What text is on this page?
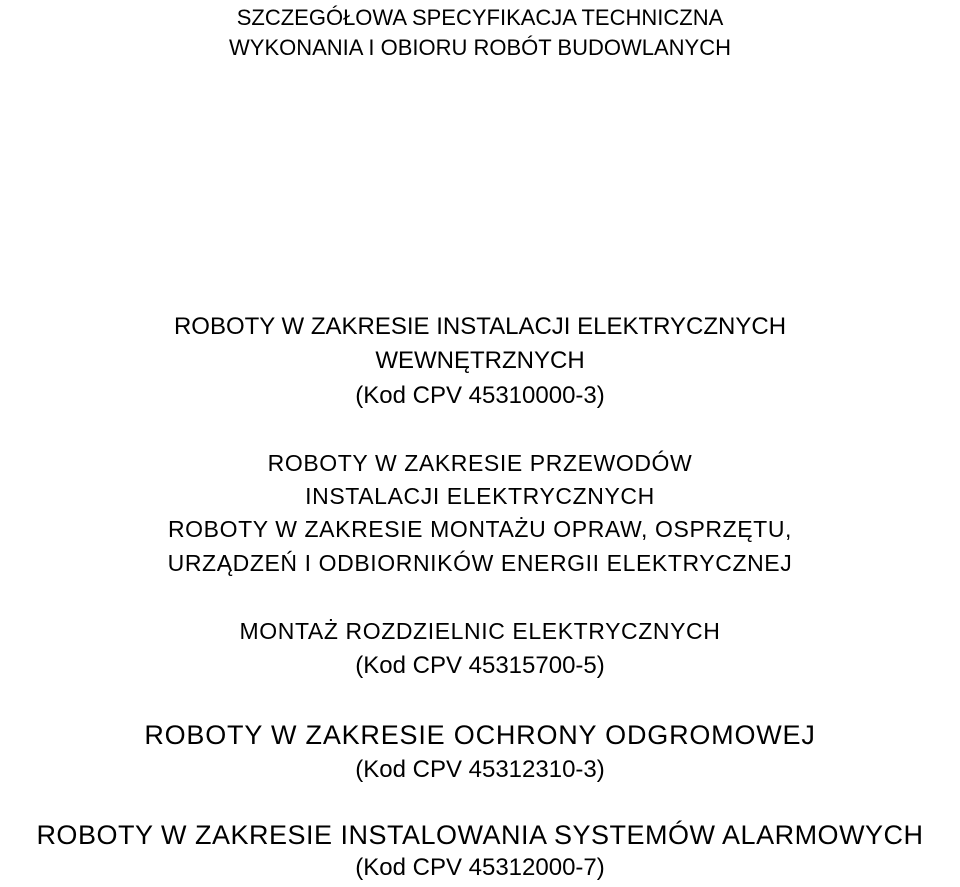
SZCZEGÓŁOWA SPECYFIKACJA TECHNICZNA
WYKONANIA I OBIORU ROBÓT BUDOWLANYCH
ROBOTY W ZAKRESIE INSTALACJI ELEKTRYCZNYCH
WEWNĘTRZNYCH
(Kod CPV 45310000-3)
ROBOTY W ZAKRESIE PRZEWODÓW
INSTALACJI ELEKTRYCZNYCH
ROBOTY W ZAKRESIE MONTAŻU OPRAW, OSPRZĘTU,
URZĄDZEŃ I ODBIORNIKÓW ENERGII ELEKTRYCZNEJ
MONTAŻ ROZDZIELNIC ELEKTRYCZNYCH
(Kod CPV 45315700-5)
ROBOTY W ZAKRESIE OCHRONY ODGROMOWEJ
(Kod CPV 45312310-3)
ROBOTY W ZAKRESIE INSTALOWANIA SYSTEMÓW ALARMOWYCH
(Kod CPV 45312000-7)
